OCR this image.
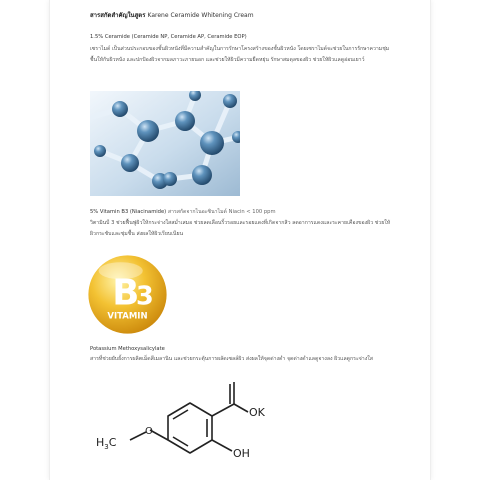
สารสกัดสำคัญในสูตร Karene Ceramide Whitening Cream
1.5% Ceramide (Ceramide NP, Ceramide AP, Ceramide EOP)
เซราไมด์ เป็นส่วนประกอบของชั้นผิวหนังที่มีความสำคัญในการรักษาโครงสร้างของชั้นผิวหนัง โดยเซราไมด์จะช่วยในการรักษาความชุ่มชื้นให้กับผิวหนัง และปกป้องผิวจากมลภาวะภายนอก และช่วยให้ผิวมีความยืดหยุ่น รักษาสมดุลของผิว ช่วยให้ผิวแลดูอ่อนเยาว์
5% Vitamin B3 (Niacinamide) สารสกัดจากไนอะซินาไมด์ Niacin < 100 ppm
วิตามินบี 3 ช่วยฟื้นฟูผิวให้กระจ่างใสสม่ำเสมอ ช่วยลดเลือนริ้วรอยและรอยแดงที่เกิดจากสิว ลดอาการแดงและระคายเคืองของผิว ช่วยให้ผิวกระชับและชุ่มชื้น ส่งผลให้ผิวเรียบเนียน
B
3
VITAMIN
Potassium Methoxysalicylate
สารที่ช่วยยับยั้งการผลิตเม็ดสีเมลานิน และช่วยกระตุ้นการผลัดเซลล์ผิว ส่งผลให้จุดด่างดำ จุดด่างดำแลดูจางลง ผิวแลดูกระจ่างใส
OK
OH
O
$H_3C$
